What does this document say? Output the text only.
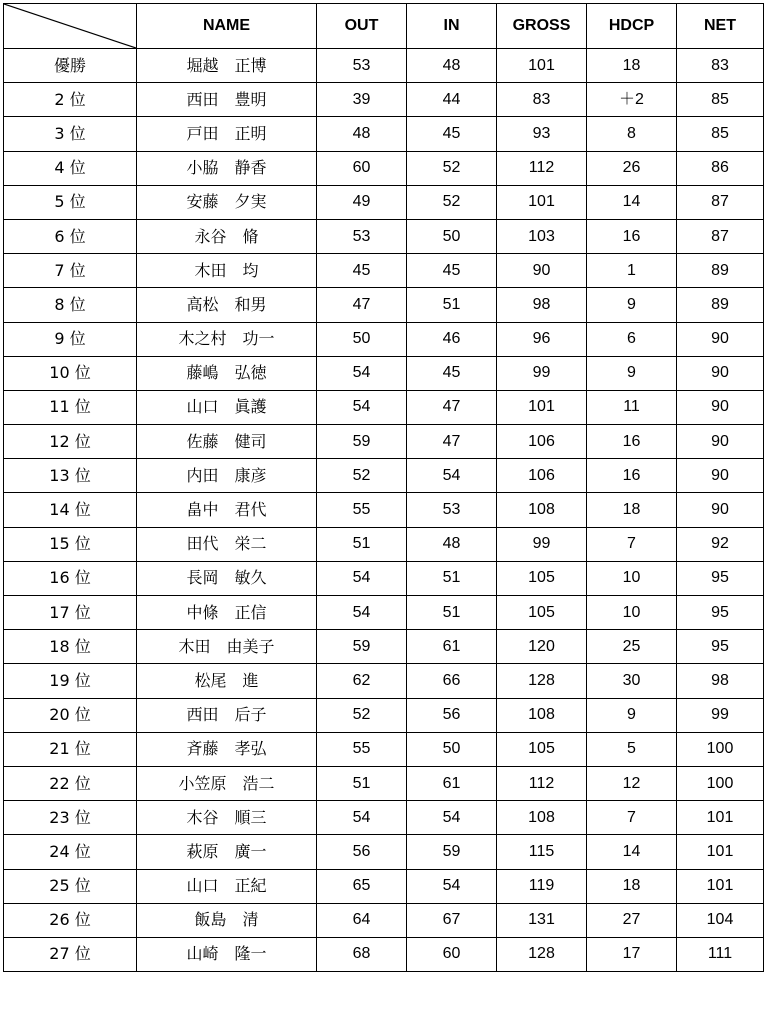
	NAME	OUT	IN	GROSS	HDCP	NET
優勝	堀越　正博	53	48	101	18	83
2 位	西田　豊明	39	44	83	＋2	85
3 位	戸田　正明	48	45	93	8	85
4 位	小脇　静香	60	52	112	26	86
5 位	安藤　夕実	49	52	101	14	87
6 位	永谷　脩	53	50	103	16	87
7 位	木田　均	45	45	90	1	89
8 位	高松　和男	47	51	98	9	89
9 位	木之村　功一	50	46	96	6	90
10 位	藤嶋　弘徳	54	45	99	9	90
11 位	山口　眞護	54	47	101	11	90
12 位	佐藤　健司	59	47	106	16	90
13 位	内田　康彦	52	54	106	16	90
14 位	畠中　君代	55	53	108	18	90
15 位	田代　栄二	51	48	99	7	92
16 位	長岡　敏久	54	51	105	10	95
17 位	中條　正信	54	51	105	10	95
18 位	木田　由美子	59	61	120	25	95
19 位	松尾　進	62	66	128	30	98
20 位	西田　后子	52	56	108	9	99
21 位	斉藤　孝弘	55	50	105	5	100
22 位	小笠原　浩二	51	61	112	12	100
23 位	木谷　順三	54	54	108	7	101
24 位	萩原　廣一	56	59	115	14	101
25 位	山口　正紀	65	54	119	18	101
26 位	飯島　清	64	67	131	27	104
27 位	山崎　隆一	68	60	128	17	111
